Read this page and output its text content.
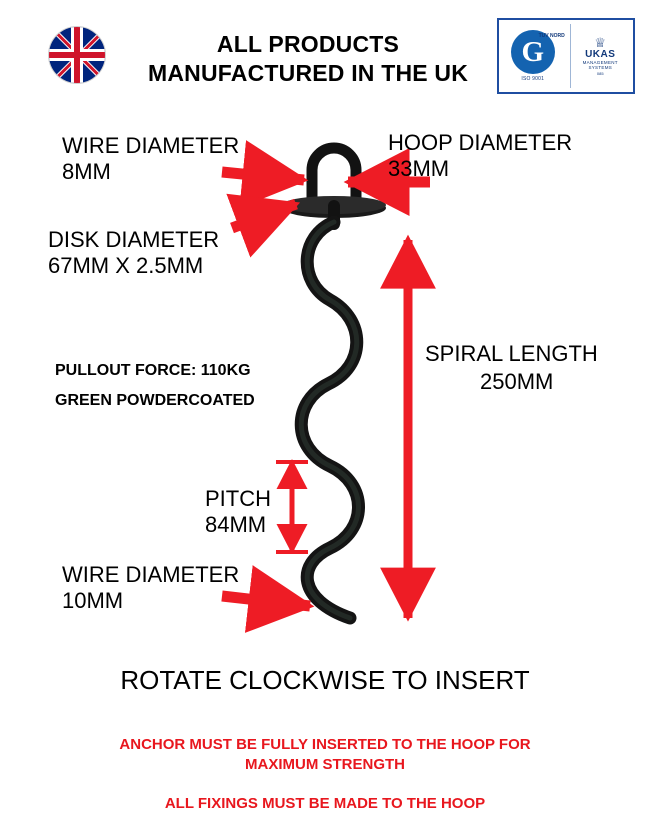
ALL PRODUCTS
MANUFACTURED IN THE UK
TUV NORD
G
ISO 9001
♕
UKAS
MANAGEMENT
SYSTEMS
085
WIRE DIAMETER
8MM
HOOP DIAMETER
33MM
DISK DIAMETER
67MM X 2.5MM
SPIRAL LENGTH
250MM
PITCH
84MM
WIRE DIAMETER
10MM
PULLOUT FORCE: 110KG
GREEN POWDERCOATED
ROTATE CLOCKWISE TO INSERT
ANCHOR MUST BE FULLY INSERTED TO THE HOOP FOR
MAXIMUM STRENGTH
ALL FIXINGS MUST BE MADE TO THE HOOP
